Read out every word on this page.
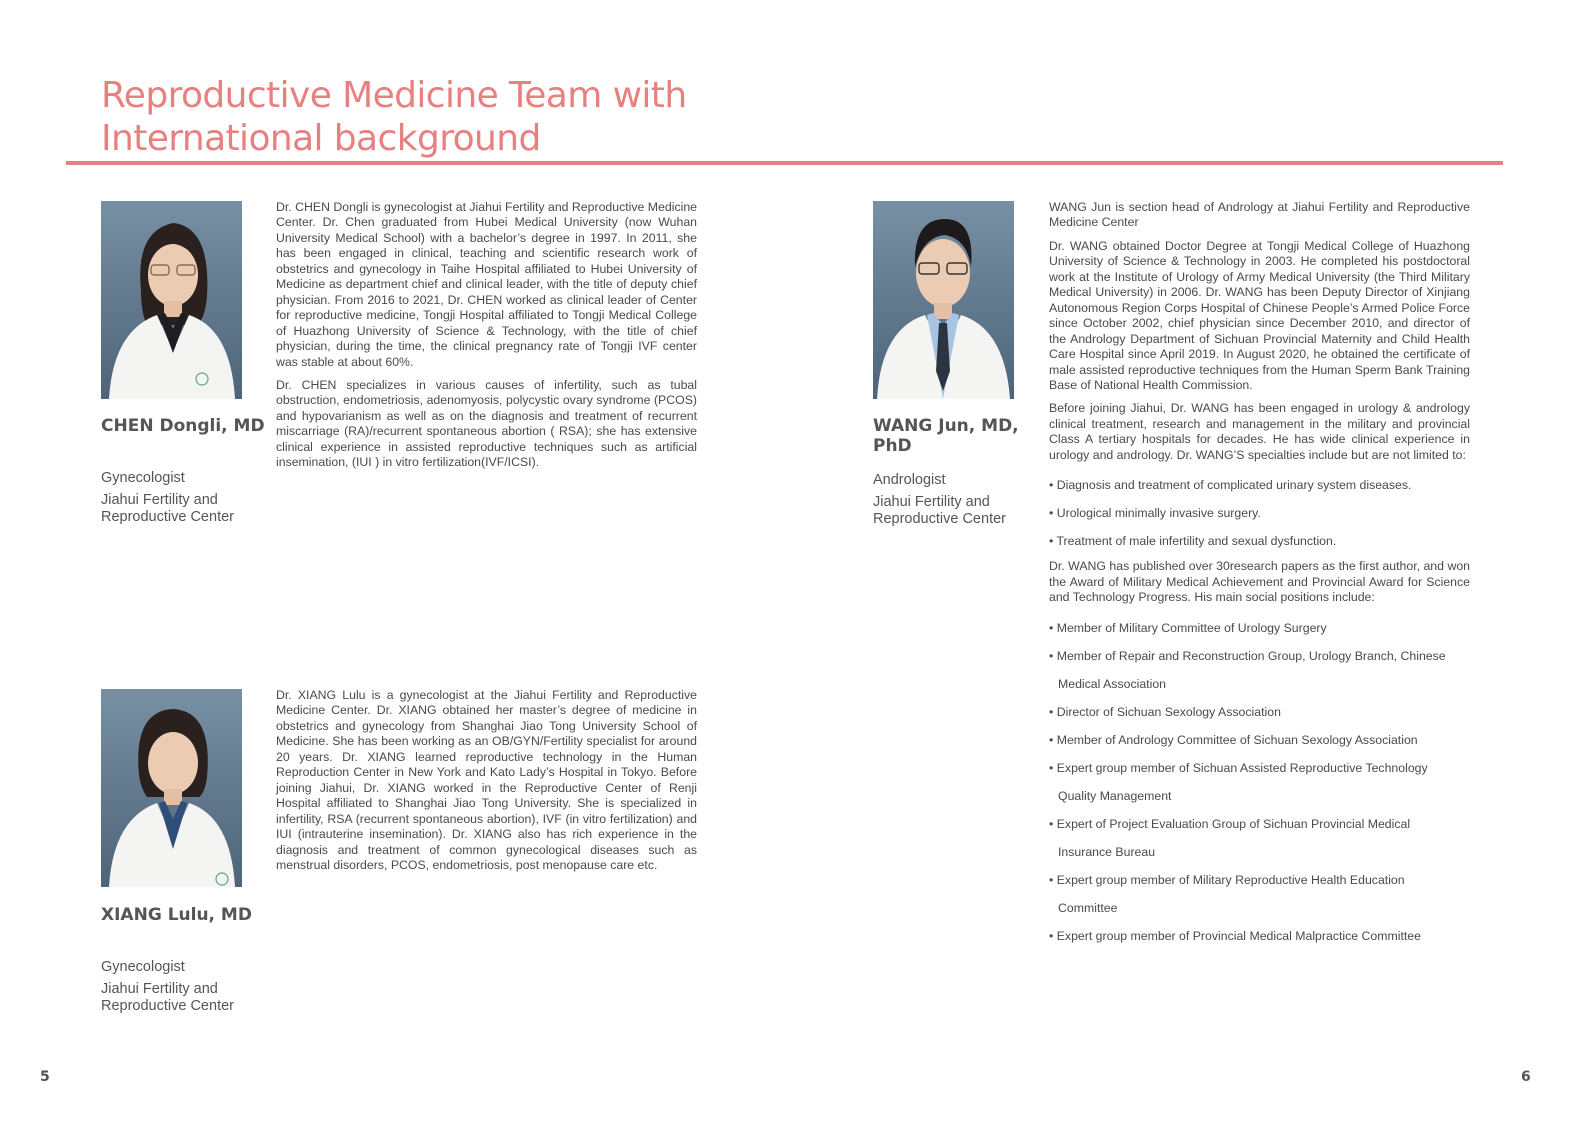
Reproductive Medicine Team with International background
CHEN Dongli, MD

Gynecologist

Jiahui Fertility and Reproductive Center

Dr. CHEN Dongli is gynecologist at Jiahui Fertility and Reproductive Medicine Center. Dr. Chen graduated from Hubei Medical University (now Wuhan University Medical School) with a bachelor’s degree in 1997. In 2011, she has been engaged in clinical, teaching and scientific research work of obstetrics and gynecology in Taihe Hospital affiliated to Hubei University of Medicine as department chief and clinical leader, with the title of deputy chief physician. From 2016 to 2021, Dr. CHEN worked as clinical leader of Center for reproductive medicine, Tongji Hospital affiliated to Tongji Medical College of Huazhong University of Science & Technology, with the title of chief physician, during the time, the clinical pregnancy rate of Tongji IVF center was stable at about 60%.

Dr. CHEN specializes in various causes of infertility, such as tubal obstruction, endometriosis, adenomyosis, polycystic ovary syndrome (PCOS) and hypovarianism as well as on the diagnosis and treatment of recurrent miscarriage (RA)/recurrent spontaneous abortion ( RSA); she has extensive clinical experience in assisted reproductive techniques such as artificial insemination, (IUI ) in vitro fertilization(IVF/ICSI).

XIANG Lulu, MD

Gynecologist

Jiahui Fertility and Reproductive Center

Dr. XIANG Lulu is a gynecologist at the Jiahui Fertility and Reproductive Medicine Center. Dr. XIANG obtained her master’s degree of medicine in obstetrics and gynecology from Shanghai Jiao Tong University School of Medicine. She has been working as an OB/GYN/Fertility specialist for around 20 years. Dr. XIANG learned reproductive technology in the Human Reproduction Center in New York and Kato Lady’s Hospital in Tokyo. Before joining Jiahui, Dr. XIANG worked in the Reproductive Center of Renji Hospital affiliated to Shanghai Jiao Tong University. She is specialized in infertility, RSA (recurrent spontaneous abortion), IVF (in vitro fertilization) and IUI (intrauterine insemination). Dr. XIANG also has rich experience in the diagnosis and treatment of common gynecological diseases such as menstrual disorders, PCOS, endometriosis, post menopause care etc.

WANG Jun, MD, PhD

Andrologist

Jiahui Fertility and Reproductive Center

WANG Jun is section head of Andrology at Jiahui Fertility and Reproductive Medicine Center

Dr. WANG obtained Doctor Degree at Tongji Medical College of Huazhong University of Science & Technology in 2003. He completed his postdoctoral work at the Institute of Urology of Army Medical University (the Third Military Medical University) in 2006. Dr. WANG has been Deputy Director of Xinjiang Autonomous Region Corps Hospital of Chinese People’s Armed Police Force since October 2002, chief physician since December 2010, and director of the Andrology Department of Sichuan Provincial Maternity and Child Health Care Hospital since April 2019. In August 2020, he obtained the certificate of male assisted reproductive techniques from the Human Sperm Bank Training Base of National Health Commission.

Before joining Jiahui, Dr. WANG has been engaged in urology & andrology clinical treatment, research and management in the military and provincial Class A tertiary hospitals for decades. He has wide clinical experience in urology and andrology. Dr. WANG’S specialties include but are not limited to:

• Diagnosis and treatment of complicated urinary system diseases.
• Urological minimally invasive surgery.
• Treatment of male infertility and sexual dysfunction.

Dr. WANG has published over 30research papers as the first author, and won the Award of Military Medical Achievement and Provincial Award for Science and Technology Progress. His main social positions include:

• Member of Military Committee of Urology Surgery
• Member of Repair and Reconstruction Group, Urology Branch, Chinese
Medical Association
• Director of Sichuan Sexology Association
• Member of Andrology Committee of Sichuan Sexology Association
• Expert group member of Sichuan Assisted Reproductive Technology
Quality Management
• Expert of Project Evaluation Group of Sichuan Provincial Medical
Insurance Bureau
• Expert group member of Military Reproductive Health Education
Committee
• Expert group member of Provincial Medical Malpractice Committee
5	6
